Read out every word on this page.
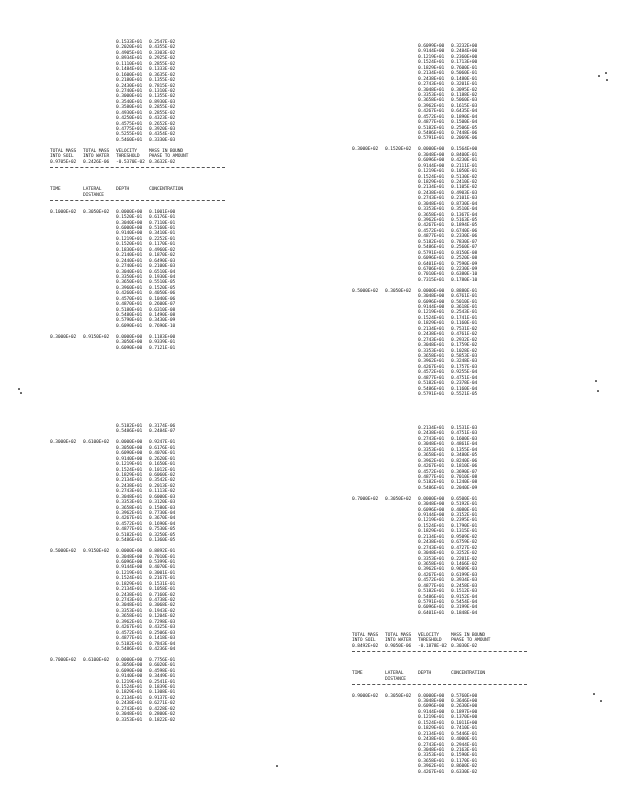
0.1533E+01 0.2547E-02
0.2020E+01 0.4355E-02
0.4905E+01 0.3303E-02
0.8934E+01 0.2925E-02
0.1110E+01 0.2855E-02
0.1484E+01 0.1333E-02
0.1600E+01 0.3635E-02
0.2180E+01 0.1355E-02
0.2430E+01 0.7815E-02
0.2740E+01 0.1310E-02
0.3000E+01 0.1355E-02
0.3540E+01 0.8930E-03
0.3580E+01 0.2855E-02
0.4930E+01 0.2855E-02
0.4250E+01 0.4323E-02
0.4575E+01 0.2652E-02
0.4775E+01 0.3920E-03
0.5255E+01 0.4354E-02
0.5460E+01 0.3330E-03
TOTAL MASS TOTAL MASS VELOCITY	MASS IN BOUND
INTO SOIL INTO WATER THRESHOLD PHASE TO AMOUNT
0.9705E+02 0.2426E-06 -0.5370E-02 0.3632E-02
TIME	LATERAL	DEPTH	CONCENTRATION
DISTANCE
0.1000E+02 0.3050E+02 0.0000E+00 0.1001E+00
0.1520E-01 0.6176E-01
0.3040E+00 0.7110E-01
0.6000E+00 0.5160E-01
0.9140E+00 0.3410E-01
0.1219E+01 0.2252E-01
0.1520E+01 0.1170E-01
0.1830E+01 0.4960E-02
0.2140E+01 0.1870E-02
0.2440E+01 0.6490E-03
0.2740E+01 0.2100E-03
0.3040E+01 0.6510E-04
0.3350E+01 0.1930E-04
0.3650E+01 0.5510E-05
0.3960E+01 0.1520E-05
0.4260E+01 0.4050E-06
0.4570E+01 0.1040E-06
0.4870E+01 0.2600E-07
0.5180E+01 0.6310E-08
0.5480E+01 0.1490E-08
0.5790E+01 0.3430E-09
0.6090E+01 0.7690E-10
0.3000E+02 0.9150E+02 0.0000E+00 0.1183E+00
0.3050E+00 0.9339E-01
0.6090E+00 0.7121E-01
0.5182E+01 0.3174E-06
0.5486E+01 0.2484E-07
0.3000E+02 0.6100E+02 0.0000E+00 0.9247E-01
0.3050E+00 0.6176E-01
0.6090E+00 0.4070E-01
0.9140E+00 0.2620E-01
0.1219E+01 0.1650E-01
0.1524E+01 0.1012E-01
0.1829E+01 0.6060E-02
0.2134E+01 0.3542E-02
0.2438E+01 0.2013E-02
0.2743E+01 0.1113E-02
0.3048E+01 0.6000E-03
0.3353E+01 0.3120E-03
0.3658E+01 0.1580E-03
0.3962E+01 0.7730E-04
0.4267E+01 0.3670E-04
0.4572E+01 0.1690E-04
0.4877E+01 0.7530E-05
0.5182E+01 0.3250E-05
0.5486E+01 0.1360E-05
0.5000E+02 0.9150E+02 0.0000E+00 0.8892E-01
0.3048E+00 0.7010E-01
0.6096E+00 0.5399E-01
0.9144E+00 0.4070E-01
0.1219E+01 0.3001E-01
0.1524E+01 0.2167E-01
0.1829E+01 0.1531E-01
0.2134E+01 0.1058E-01
0.2438E+01 0.7160E-02
0.2743E+01 0.4738E-02
0.3048E+01 0.3068E-02
0.3353E+01 0.1943E-02
0.3658E+01 0.1204E-02
0.3962E+01 0.7298E-03
0.4267E+01 0.4325E-03
0.4572E+01 0.2506E-03
0.4877E+01 0.1418E-03
0.5182E+01 0.7843E-04
0.5486E+01 0.4236E-04
0.7000E+02 0.6100E+02 0.0000E+00 0.7756E-01
0.3050E+00 0.6020E-01
0.6090E+00 0.4598E-01
0.9140E+00 0.3449E-01
0.1219E+01 0.2541E-01
0.1524E+01 0.1839E-01
0.1829E+01 0.1308E-01
0.2134E+01 0.9137E-02
0.2438E+01 0.6271E-02
0.2743E+01 0.4228E-02
0.3048E+01 0.2800E-02
0.3353E+01 0.1822E-02
0.6099E+00 0.3232E+00
0.9144E+00 0.2484E+00
0.1219E+01 0.2360E+00
0.1524E+01 0.1713E+00
0.1829E+01 0.7600E-01
0.2134E+01 0.5060E-01
0.2438E+01 0.1480E-01
0.2743E+01 0.3201E-01
0.3048E+01 0.3095E-02
0.3353E+01 0.1188E-02
0.3658E+01 0.5060E-03
0.3962E+01 0.1615E-03
0.4267E+01 0.6435E-04
0.4572E+01 0.1890E-04
0.4877E+01 0.1500E-04
0.5182E+01 0.2506E-05
0.5486E+01 0.7448E-06
0.5791E+01 0.2069E-06
0.3000E+02 0.1520E+02 0.0000E+00 0.1564E+00
0.3048E+00 0.8400E-01
0.6096E+00 0.4230E-01
0.9144E+00 0.2111E-01
0.1219E+01 0.1050E-01
0.1524E+01 0.5130E-02
0.1829E+01 0.2410E-02
0.2134E+01 0.1105E-02
0.2438E+01 0.4903E-03
0.2743E+01 0.2101E-03
0.3048E+01 0.8730E-04
0.3353E+01 0.3510E-04
0.3658E+01 0.1367E-04
0.3962E+01 0.5163E-05
0.4267E+01 0.1894E-05
0.4572E+01 0.6740E-06
0.4877E+01 0.2330E-06
0.5182E+01 0.7830E-07
0.5486E+01 0.2560E-07
0.5791E+01 0.8150E-08
0.6096E+01 0.2520E-08
0.6401E+01 0.7590E-09
0.6706E+01 0.2230E-09
0.7010E+01 0.6380E-10
0.7315E+01 0.1780E-10
0.5000E+02 0.3050E+02 0.0000E+00 0.8880E-01
0.3048E+00 0.6761E-01
0.6096E+00 0.5010E-01
0.9144E+00 0.3618E-01
0.1219E+01 0.2543E-01
0.1524E+01 0.1741E-01
0.1829E+01 0.1160E-01
0.2134E+01 0.7531E-02
0.2438E+01 0.4761E-02
0.2743E+01 0.2932E-02
0.3048E+01 0.1759E-02
0.3353E+01 0.1028E-02
0.3658E+01 0.5853E-03
0.3962E+01 0.3248E-03
0.4267E+01 0.1757E-03
0.4572E+01 0.9255E-04
0.4877E+01 0.4751E-04
0.5182E+01 0.2378E-04
0.5486E+01 0.1160E-04
0.5791E+01 0.5521E-05
0.2134E+01 0.1531E-03
0.2438E+01 0.4751E-03
0.2743E+01 0.1600E-03
0.3048E+01 0.4861E-04
0.3353E+01 0.1355E-04
0.3658E+01 0.3480E-05
0.3962E+01 0.8240E-06
0.4267E+01 0.1810E-06
0.4572E+01 0.3690E-07
0.4877E+01 0.7010E-08
0.5182E+01 0.1240E-08
0.5486E+01 0.2040E-09
0.7000E+02 0.3050E+02 0.0000E+00 0.6500E-01
0.3048E+00 0.5192E-01
0.6096E+00 0.4080E-01
0.9144E+00 0.3152E-01
0.1219E+01 0.2395E-01
0.1524E+01 0.1790E-01
0.1829E+01 0.1315E-01
0.2134E+01 0.9509E-02
0.2438E+01 0.6759E-02
0.2743E+01 0.4727E-02
0.3048E+01 0.3252E-02
0.3353E+01 0.2201E-02
0.3658E+01 0.1466E-02
0.3962E+01 0.9609E-03
0.4267E+01 0.6199E-03
0.4572E+01 0.3934E-03
0.4877E+01 0.2458E-03
0.5182E+01 0.1512E-03
0.5486E+01 0.9152E-04
0.5791E+01 0.5454E-04
0.6096E+01 0.3199E-04
0.6401E+01 0.1848E-04
TOTAL MASS TOTAL MASS VELOCITY	MASS IN BOUND
INTO SOIL INTO WATER THRESHOLD PHASE TO AMOUNT
0.8492E+02 0.9050E-06 -0.1878E-02 0.3030E-02
TIME	LATERAL	DEPTH	CONCENTRATION
DISTANCE
0.9000E+02 0.3050E+02 0.0000E+00 0.5760E+00
0.3048E+00 0.3646E+00
0.6096E+00 0.2630E+00
0.9144E+00 0.1897E+00
0.1219E+01 0.1370E+00
0.1524E+01 0.1011E+00
0.1829E+01 0.7410E-01
0.2134E+01 0.5446E-01
0.2438E+01 0.4000E-01
0.2743E+01 0.2944E-01
0.3048E+01 0.2163E-01
0.3353E+01 0.1590E-01
0.3658E+01 0.1170E-01
0.3962E+01 0.8600E-02
0.4267E+01 0.6330E-02
